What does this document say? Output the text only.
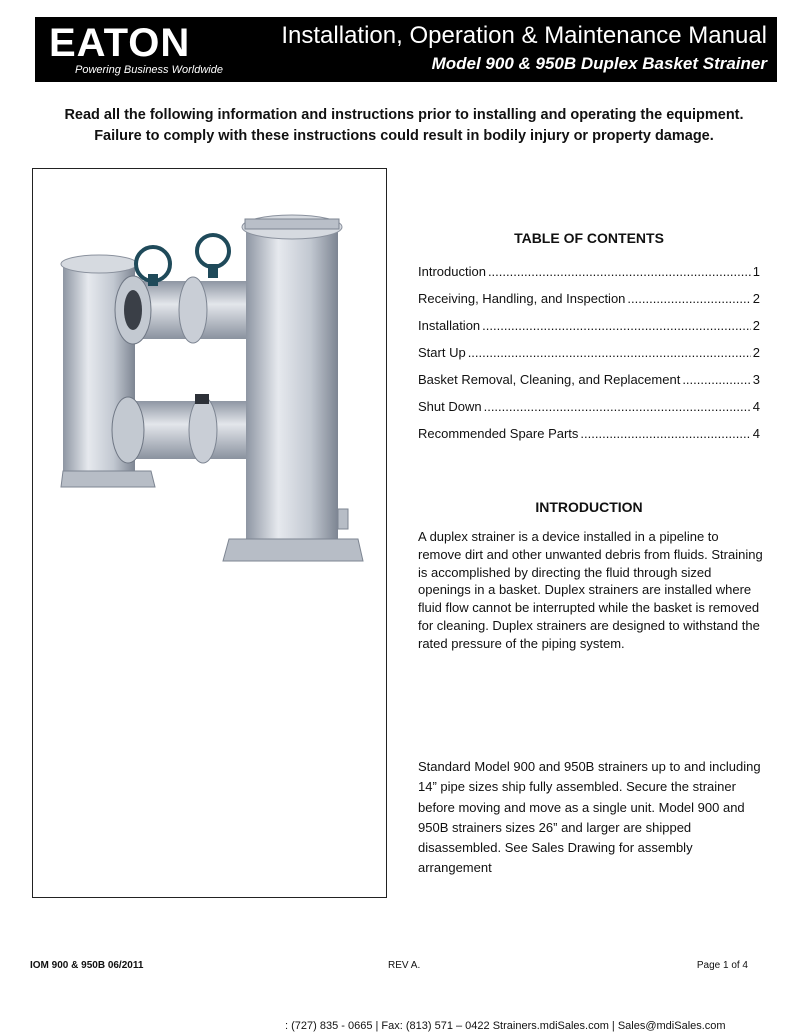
EATON
Powering Business Worldwide
Installation, Operation & Maintenance Manual
Model 900 & 950B Duplex Basket Strainer
Read all the following information and instructions prior to installing and operating the equipment.
Failure to comply with these instructions could result in bodily injury or property damage.
TABLE OF CONTENTS
Introduction .....	1
Receiving, Handling, and Inspection .....	2
Installation .....	2
Start Up .....	2
Basket Removal, Cleaning, and Replacement .....	3
Shut Down .....	4
Recommended Spare Parts .....	4
INTRODUCTION

A duplex strainer is a device installed in a pipeline to remove dirt and other unwanted debris from fluids. Straining is accomplished by directing the fluid through sized openings in a basket. Duplex strainers are installed where fluid flow cannot be interrupted while the basket is removed for cleaning. Duplex strainers are designed to withstand the rated pressure of the piping system.

Standard Model 900 and 950B strainers up to and including 14” pipe sizes ship fully assembled. Secure the strainer before moving and move as a single unit. Model 900 and 950B strainers sizes 26” and larger are shipped disassembled. See Sales Drawing for assembly arrangement

IOM 900 & 950B 06/2011	REV A.	Page 1 of 4
: (727) 835 - 0665 | Fax: (813) 571 – 0422 Strainers.mdiSales.com | Sales@mdiSales.com
